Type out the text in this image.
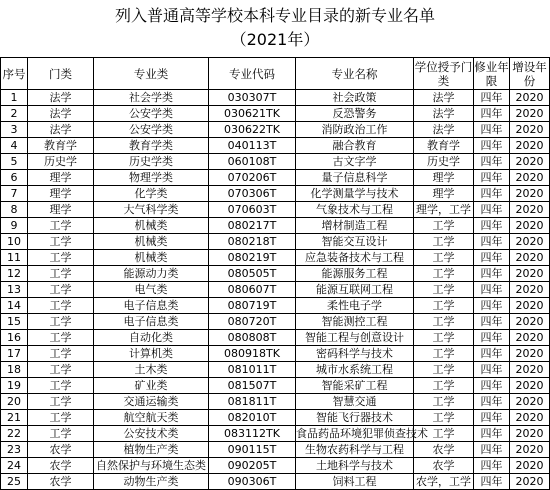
列入普通高等学校本科专业目录的新专业名单
（2021年）
序号	门类	专业类	专业代码	专业名称	学位授予门类	修业年限	增设年份
1	法学	社会学类	030307T	社会政策	法学	四年	2020
2	法学	公安学类	030621TK	反恐警务	法学	四年	2020
3	法学	公安学类	030622TK	消防政治工作	法学	四年	2020
4	教育学	教育学类	040113T	融合教育	教育学	四年	2020
5	历史学	历史学类	060108T	古文字学	历史学	四年	2020
6	理学	物理学类	070206T	量子信息科学	理学	四年	2020
7	理学	化学类	070306T	化学测量学与技术	理学	四年	2020
8	理学	大气科学类	070603T	气象技术与工程	理学，工学	四年	2020
9	工学	机械类	080217T	增材制造工程	工学	四年	2020
10	工学	机械类	080218T	智能交互设计	工学	四年	2020
11	工学	机械类	080219T	应急装备技术与工程	工学	四年	2020
12	工学	能源动力类	080505T	能源服务工程	工学	四年	2020
13	工学	电气类	080607T	能源互联网工程	工学	四年	2020
14	工学	电子信息类	080719T	柔性电子学	工学	四年	2020
15	工学	电子信息类	080720T	智能测控工程	工学	四年	2020
16	工学	自动化类	080808T	智能工程与创意设计	工学	四年	2020
17	工学	计算机类	080918TK	密码科学与技术	工学	四年	2020
18	工学	土木类	081011T	城市水系统工程	工学	四年	2020
19	工学	矿业类	081507T	智能采矿工程	工学	四年	2020
20	工学	交通运输类	081811T	智慧交通	工学	四年	2020
21	工学	航空航天类	082010T	智能飞行器技术	工学	四年	2020
22	工学	公安技术类	083112TK	食品药品环境犯罪侦查技术	工学	四年	2020
23	农学	植物生产类	090115T	生物农药科学与工程	农学	四年	2020
24	农学	自然保护与环境生态类	090205T	土地科学与技术	农学	四年	2020
25	农学	动物生产类	090306T	饲料工程	农学，工学	四年	2020
